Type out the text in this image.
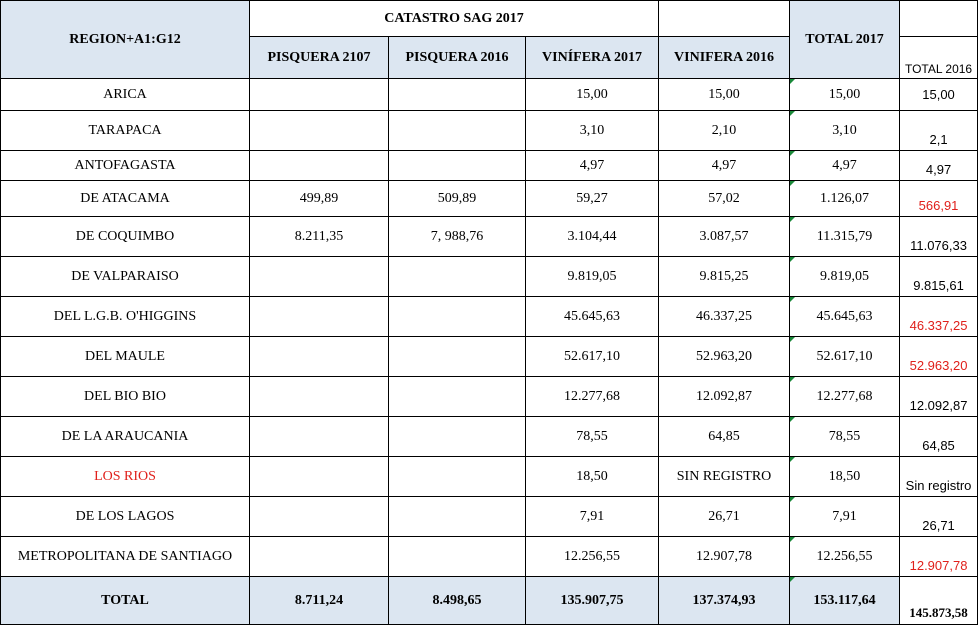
REGION+A1:G12	CATASTRO SAG 2017				TOTAL 2017	
	PISQUERA 2107	PISQUERA 2016	VINÍFERA 2017	VINIFERA 2016		TOTAL 2016
ARICA			15,00	15,00	15,00	15,00
TARAPACA			3,10	2,10	3,10	2,1
ANTOFAGASTA			4,97	4,97	4,97	4,97
DE ATACAMA	499,89	509,89	59,27	57,02	1.126,07	566,91
DE COQUIMBO	8.211,35	7, 988,76	3.104,44	3.087,57	11.315,79	11.076,33
DE VALPARAISO			9.819,05	9.815,25	9.819,05	9.815,61
DEL L.G.B. O'HIGGINS			45.645,63	46.337,25	45.645,63	46.337,25
DEL MAULE			52.617,10	52.963,20	52.617,10	52.963,20
DEL BIO BIO			12.277,68	12.092,87	12.277,68	12.092,87
DE LA ARAUCANIA			78,55	64,85	78,55	64,85
LOS RIOS			18,50	SIN REGISTRO	18,50	Sin registro
DE LOS LAGOS			7,91	26,71	7,91	26,71
METROPOLITANA DE SANTIAGO			12.256,55	12.907,78	12.256,55	12.907,78
TOTAL	8.711,24	8.498,65	135.907,75	137.374,93	153.117,64	145.873,58
